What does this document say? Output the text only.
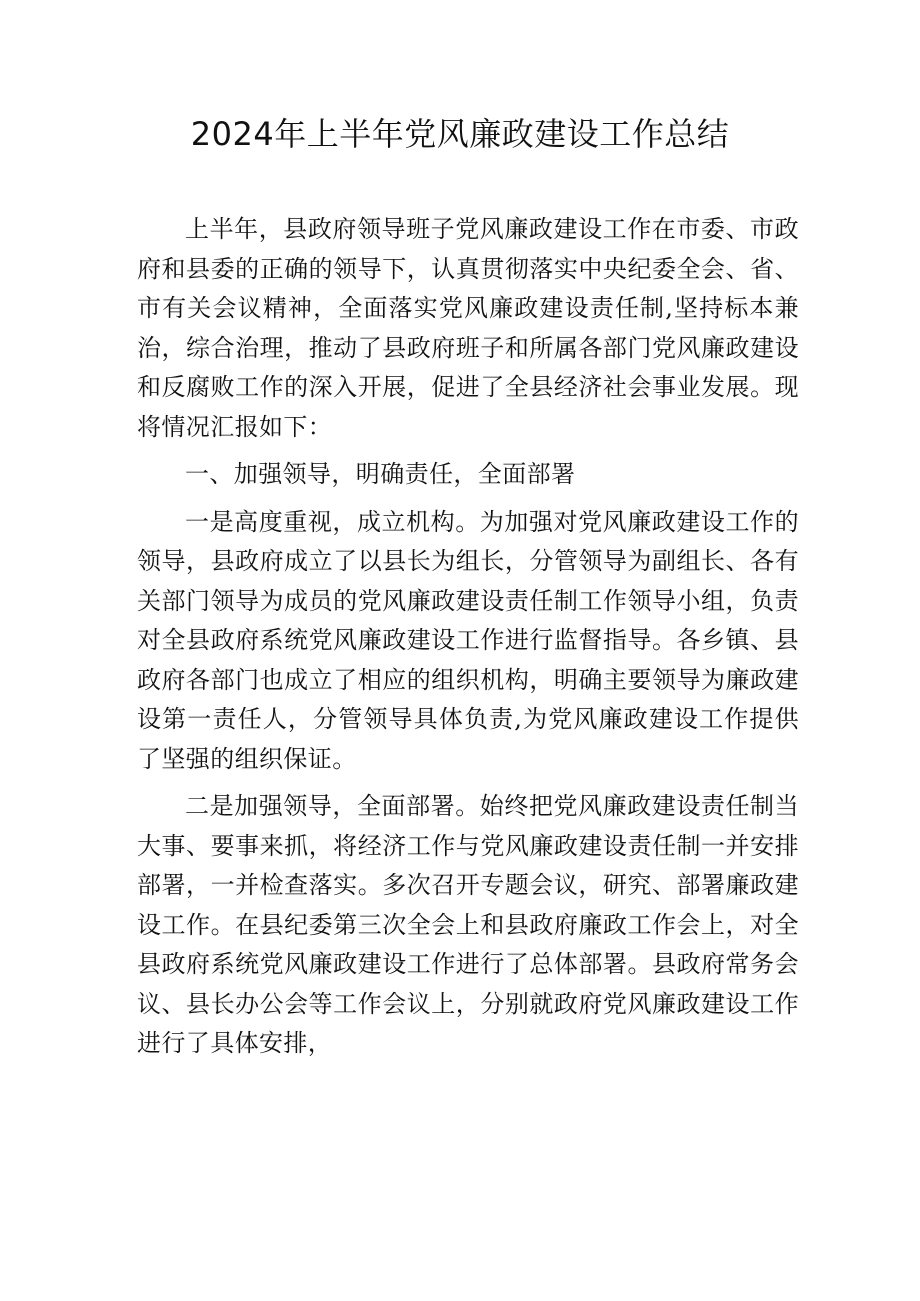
2024年上半年党风廉政建设工作总结

上半年，县政府领导班子党风廉政建设工作在市委、市政府和县委的正确的领导下，认真贯彻落实中央纪委全会、省、市有关会议精神，全面落实党风廉政建设责任制,坚持标本兼治，综合治理，推动了县政府班子和所属各部门党风廉政建设和反腐败工作的深入开展，促进了全县经济社会事业发展。现将情况汇报如下：

一、加强领导，明确责任，全面部署

一是高度重视，成立机构。为加强对党风廉政建设工作的领导，县政府成立了以县长为组长，分管领导为副组长、各有关部门领导为成员的党风廉政建设责任制工作领导小组，负责对全县政府系统党风廉政建设工作进行监督指导。各乡镇、县政府各部门也成立了相应的组织机构，明确主要领导为廉政建设第一责任人，分管领导具体负责,为党风廉政建设工作提供了坚强的组织保证。

二是加强领导，全面部署。始终把党风廉政建设责任制当大事、要事来抓，将经济工作与党风廉政建设责任制一并安排部署，一并检查落实。多次召开专题会议，研究、部署廉政建设工作。在县纪委第三次全会上和县政府廉政工作会上，对全县政府系统党风廉政建设工作进行了总体部署。县政府常务会议、县长办公会等工作会议上，分别就政府党风廉政建设工作进行了具体安排，
